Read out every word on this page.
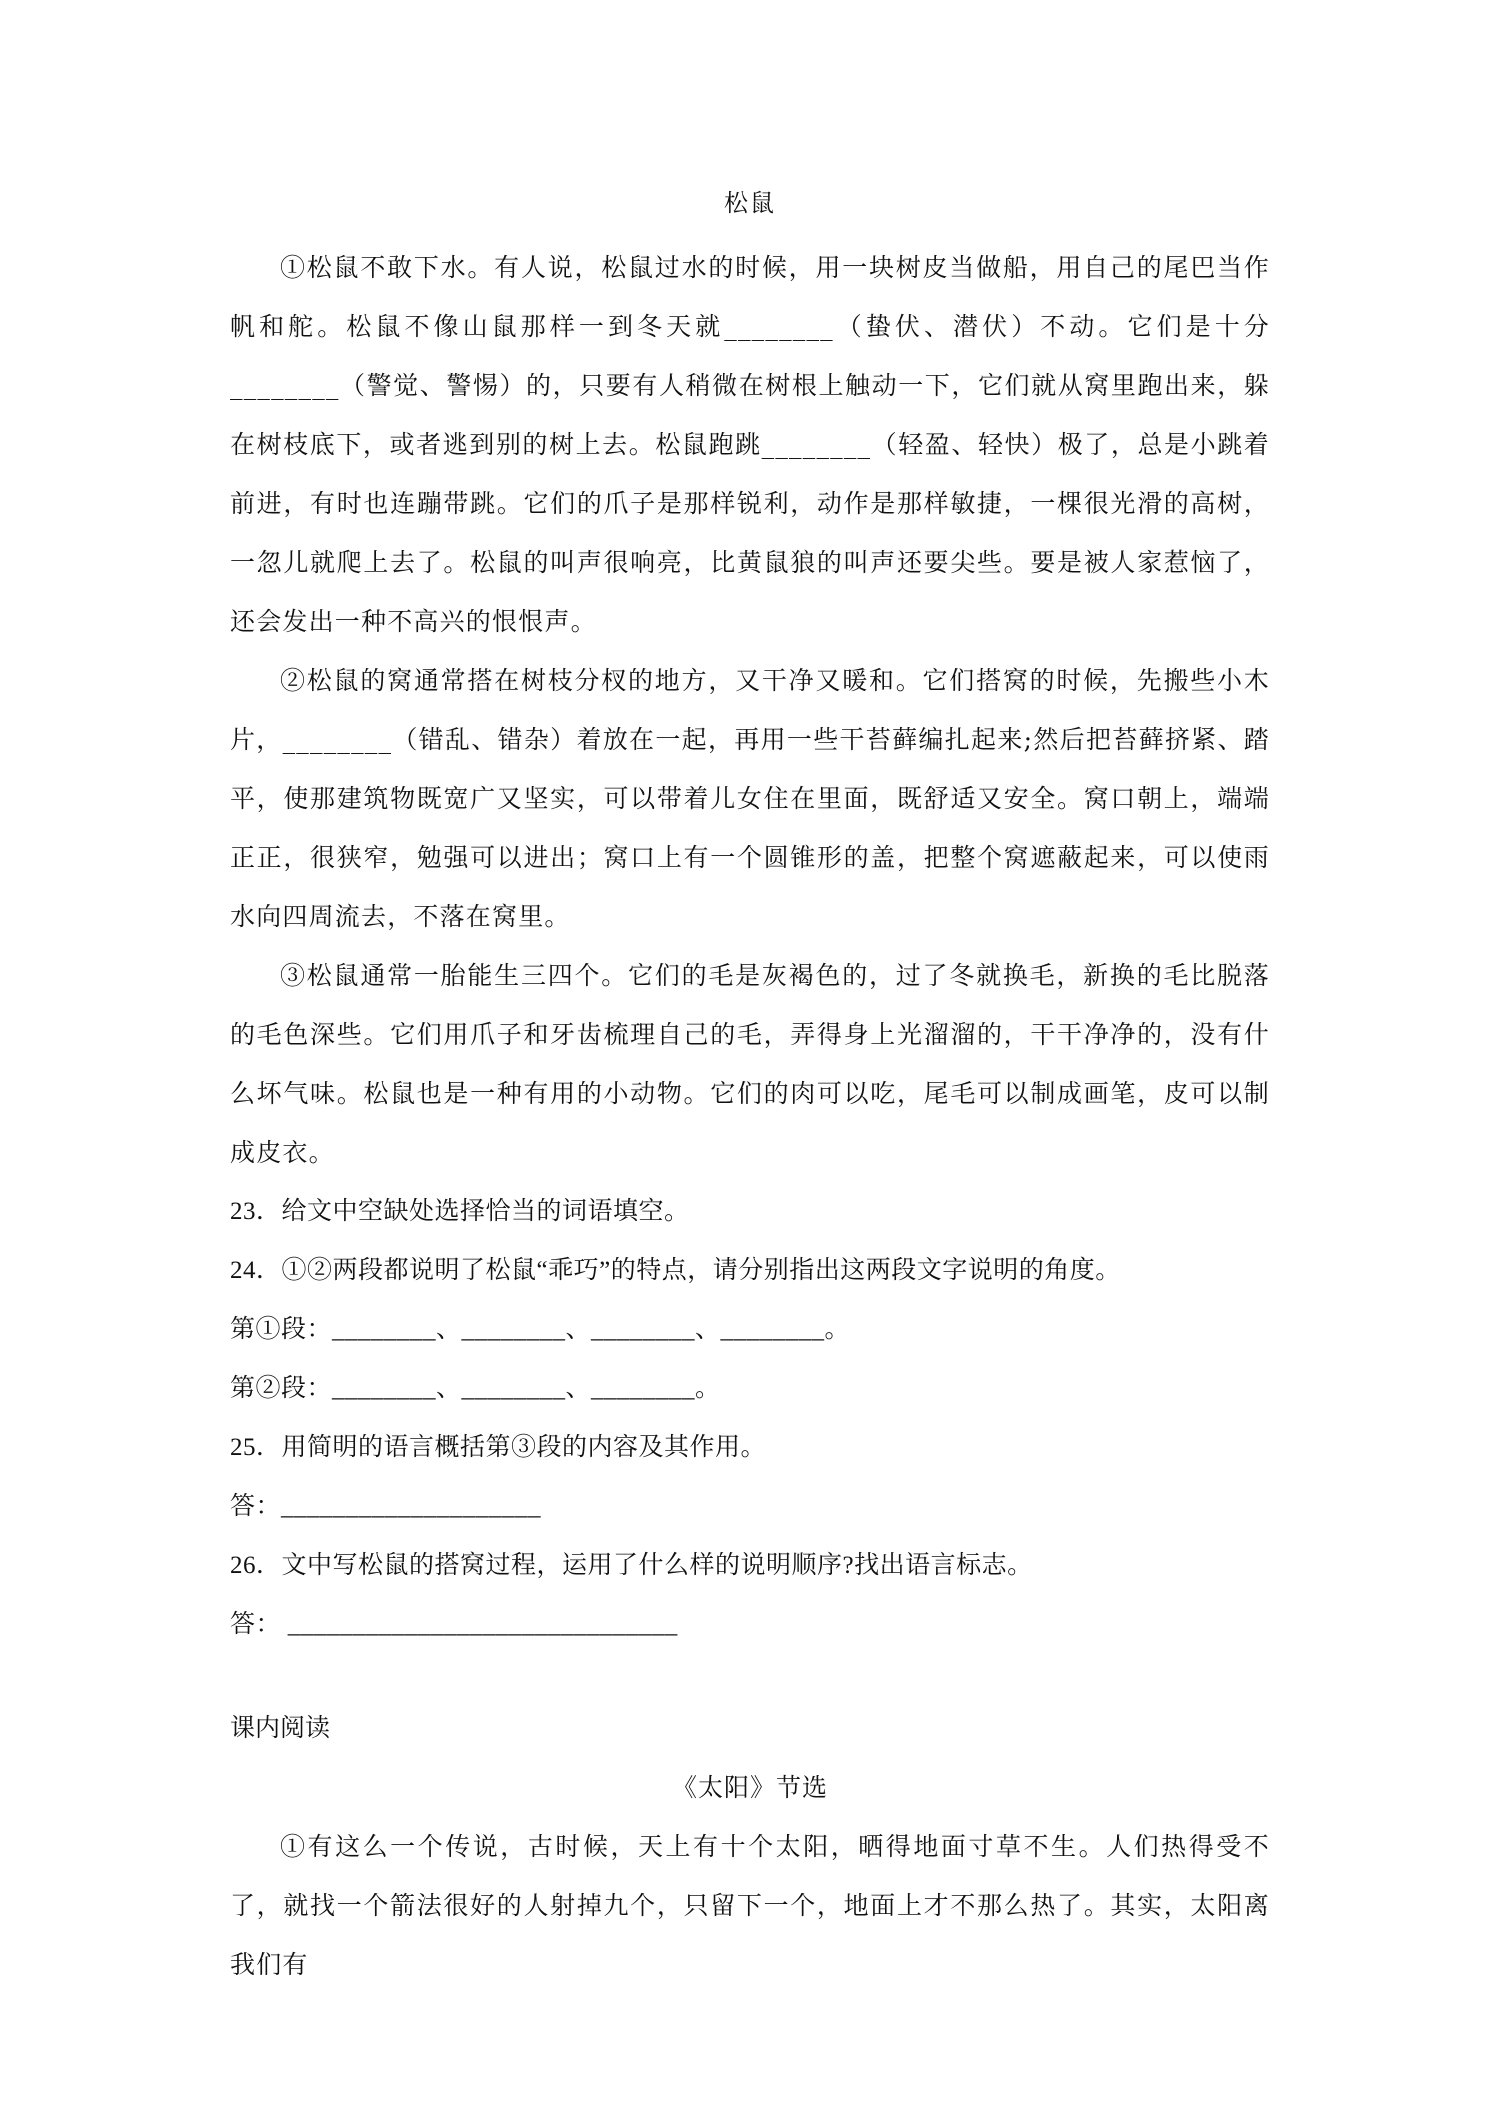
松鼠

①松鼠不敢下水。有人说，松鼠过水的时候，用一块树皮当做船，用自己的尾巴当作帆和舵。松鼠不像山鼠那样一到冬天就________（蛰伏、潜伏）不动。它们是十分________（警觉、警惕）的，只要有人稍微在树根上触动一下，它们就从窝里跑出来，躲在树枝底下，或者逃到别的树上去。松鼠跑跳________（轻盈、轻快）极了，总是小跳着前进，有时也连蹦带跳。它们的爪子是那样锐利，动作是那样敏捷，一棵很光滑的高树，一忽儿就爬上去了。松鼠的叫声很响亮，比黄鼠狼的叫声还要尖些。要是被人家惹恼了，还会发出一种不高兴的恨恨声。

②松鼠的窝通常搭在树枝分杈的地方，又干净又暖和。它们搭窝的时候，先搬些小木片，________（错乱、错杂）着放在一起，再用一些干苔藓编扎起来;然后把苔藓挤紧、踏平，使那建筑物既宽广又坚实，可以带着儿女住在里面，既舒适又安全。窝口朝上，端端正正，很狭窄，勉强可以进出；窝口上有一个圆锥形的盖，把整个窝遮蔽起来，可以使雨水向四周流去，不落在窝里。

③松鼠通常一胎能生三四个。它们的毛是灰褐色的，过了冬就换毛，新换的毛比脱落的毛色深些。它们用爪子和牙齿梳理自己的毛，弄得身上光溜溜的，干干净净的，没有什么坏气味。松鼠也是一种有用的小动物。它们的肉可以吃，尾毛可以制成画笔，皮可以制成皮衣。

23．给文中空缺处选择恰当的词语填空。

24．①②两段都说明了松鼠“乖巧”的特点，请分别指出这两段文字说明的角度。

第①段：________、________、________、________。

第②段：________、________、________。

25．用简明的语言概括第③段的内容及其作用。

答：____________________

26．文中写松鼠的搭窝过程，运用了什么样的说明顺序?找出语言标志。

答： ______________________________

课内阅读

《太阳》节选

①有这么一个传说，古时候，天上有十个太阳，晒得地面寸草不生。人们热得受不了，就找一个箭法很好的人射掉九个，只留下一个，地面上才不那么热了。其实，太阳离我们有
